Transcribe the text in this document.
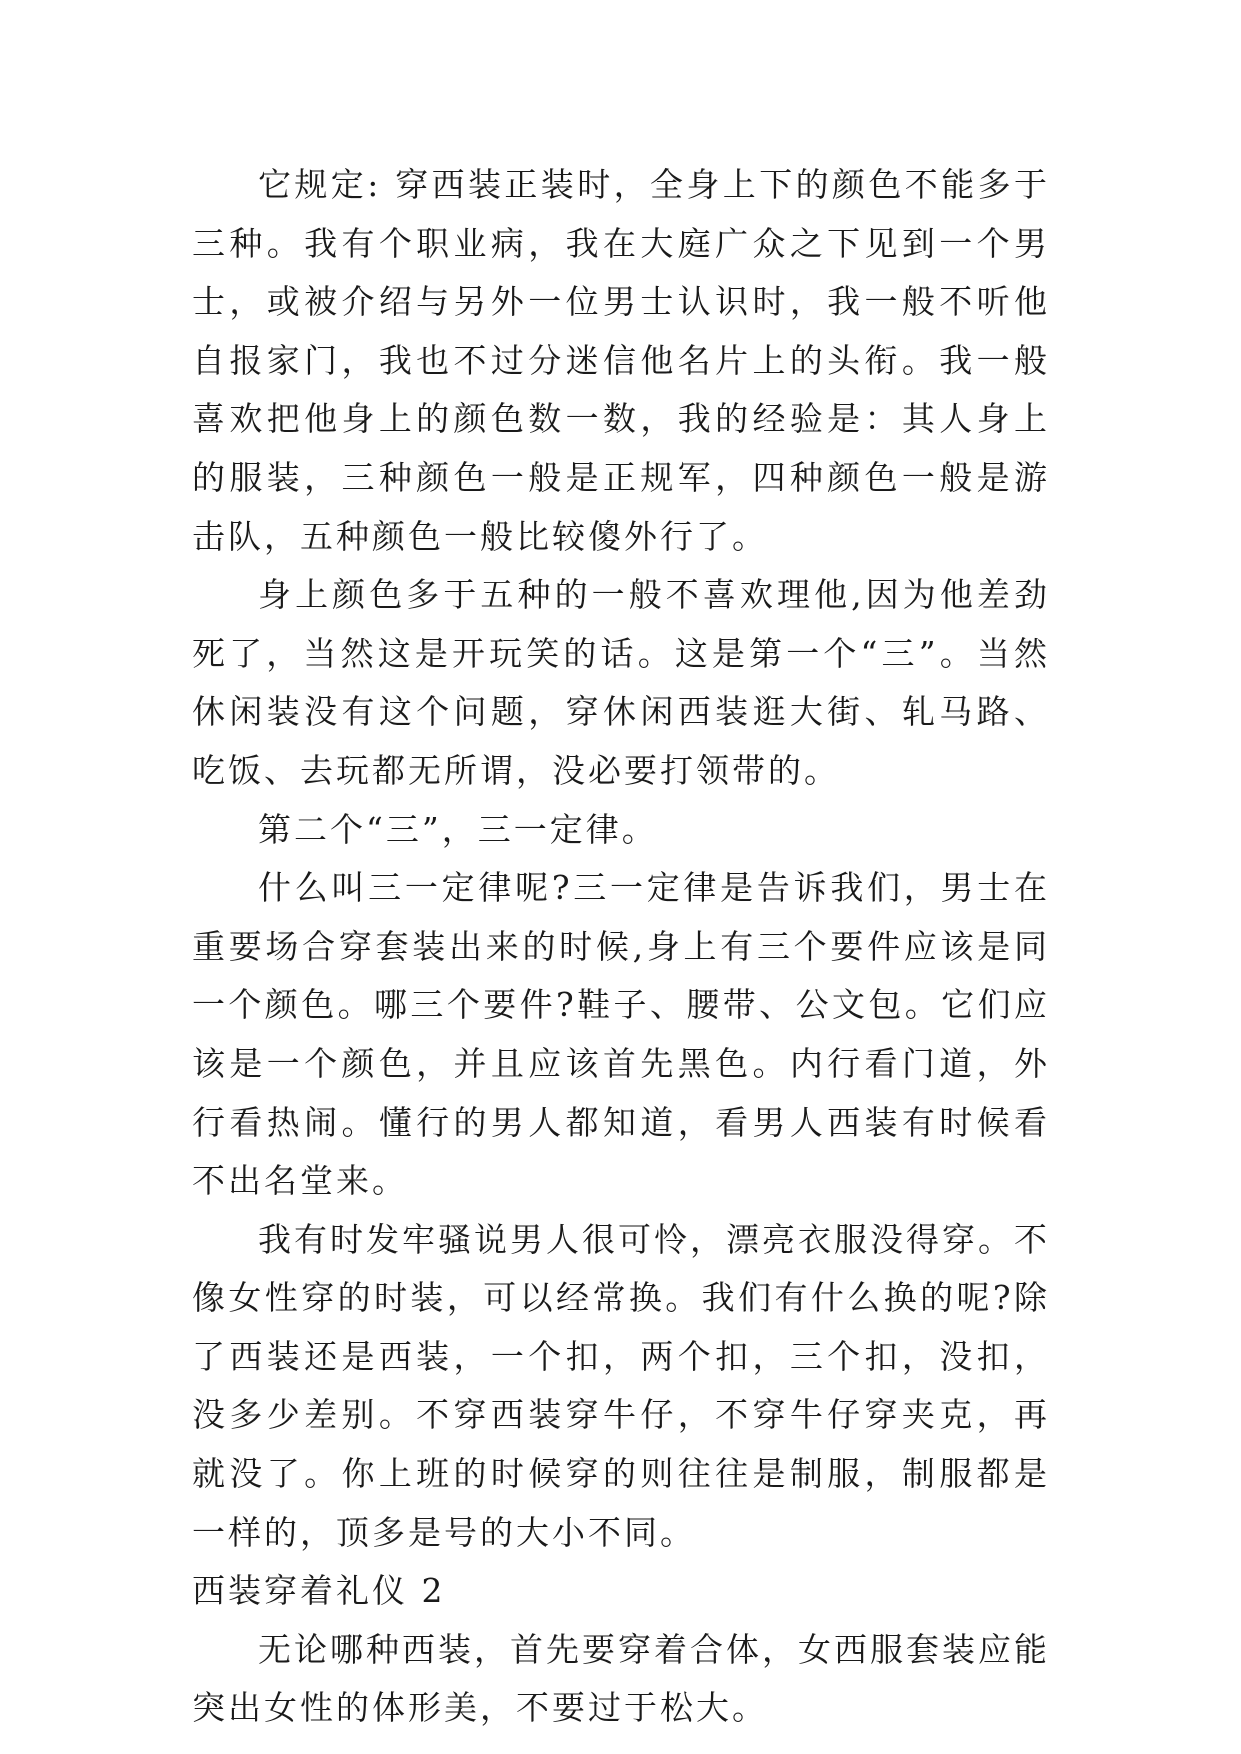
它规定: 穿西装正装时，全身上下的颜色不能多于三种。我有个职业病，我在大庭广众之下见到一个男士，或被介绍与另外一位男士认识时，我一般不听他自报家门，我也不过分迷信他名片上的头衔。我一般喜欢把他身上的颜色数一数，我的经验是：其人身上的服装，三种颜色一般是正规军，四种颜色一般是游击队，五种颜色一般比较傻外行了。

身上颜色多于五种的一般不喜欢理他,因为他差劲死了，当然这是开玩笑的话。这是第一个“三”。当然休闲装没有这个问题，穿休闲西装逛大街、轧马路、吃饭、去玩都无所谓，没必要打领带的。

第二个“三”，三一定律。

什么叫三一定律呢?三一定律是告诉我们，男士在重要场合穿套装出来的时候,身上有三个要件应该是同一个颜色。哪三个要件?鞋子、腰带、公文包。它们应该是一个颜色，并且应该首先黑色。内行看门道，外行看热闹。懂行的男人都知道，看男人西装有时候看不出名堂来。

我有时发牢骚说男人很可怜，漂亮衣服没得穿。不像女性穿的时装，可以经常换。我们有什么换的呢?除了西装还是西装，一个扣，两个扣，三个扣，没扣，没多少差别。不穿西装穿牛仔，不穿牛仔穿夹克，再就没了。你上班的时候穿的则往往是制服，制服都是一样的，顶多是号的大小不同。

西装穿着礼仪 2

无论哪种西装，首先要穿着合体，女西服套装应能突出女性的体形美，不要过于松大。
